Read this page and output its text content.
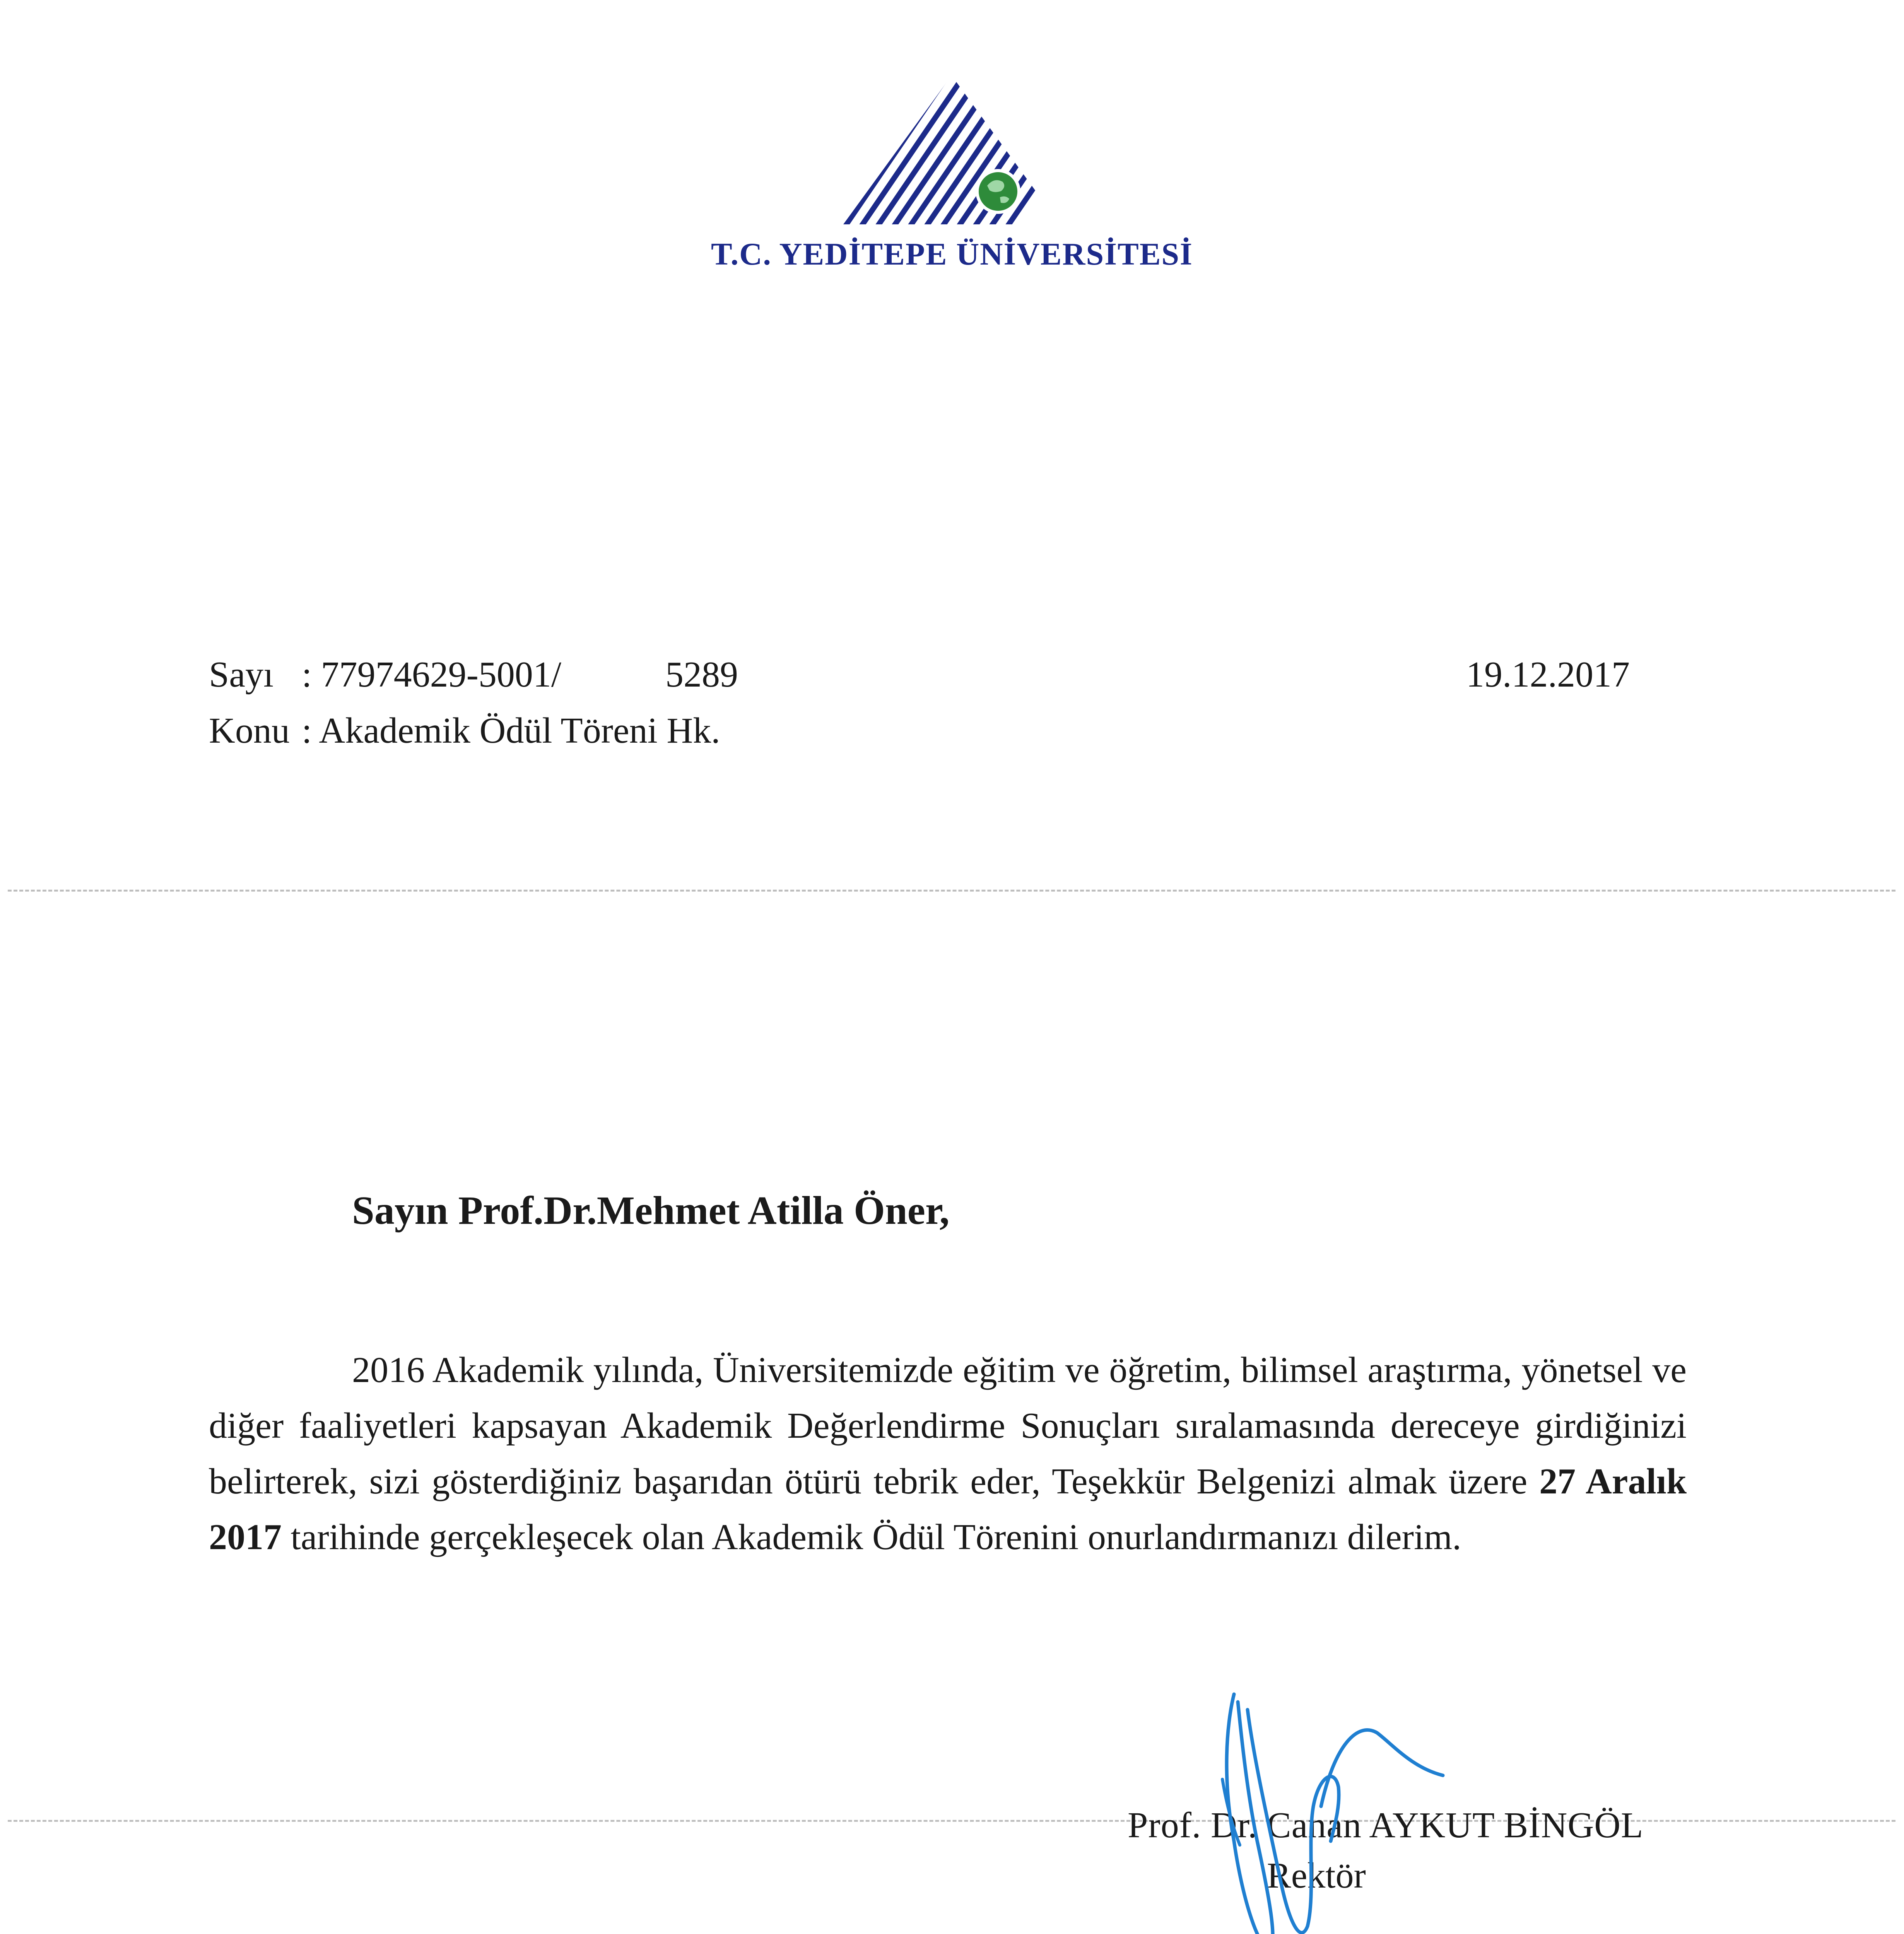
T.C. YEDİTEPE ÜNİVERSİTESİ
Sayı : 77974629-5001/	5289	19.12.2017
Konu : Akademik Ödül Töreni Hk.
Sayın Prof.Dr.Mehmet Atilla Öner,

2016 Akademik yılında, Üniversitemizde eğitim ve öğretim, bilimsel araştırma, yönetsel ve diğer faaliyetleri kapsayan Akademik Değerlendirme Sonuçları sıralamasında dereceye girdiğinizi belirterek, sizi gösterdiğiniz başarıdan ötürü tebrik eder, Teşekkür Belgenizi almak üzere 27 Aralık 2017 tarihinde gerçekleşecek olan Akademik Ödül Törenini onurlandırmanızı dilerim.

Prof. Dr. Canan AYKUT BİNGÖL
Rektör
